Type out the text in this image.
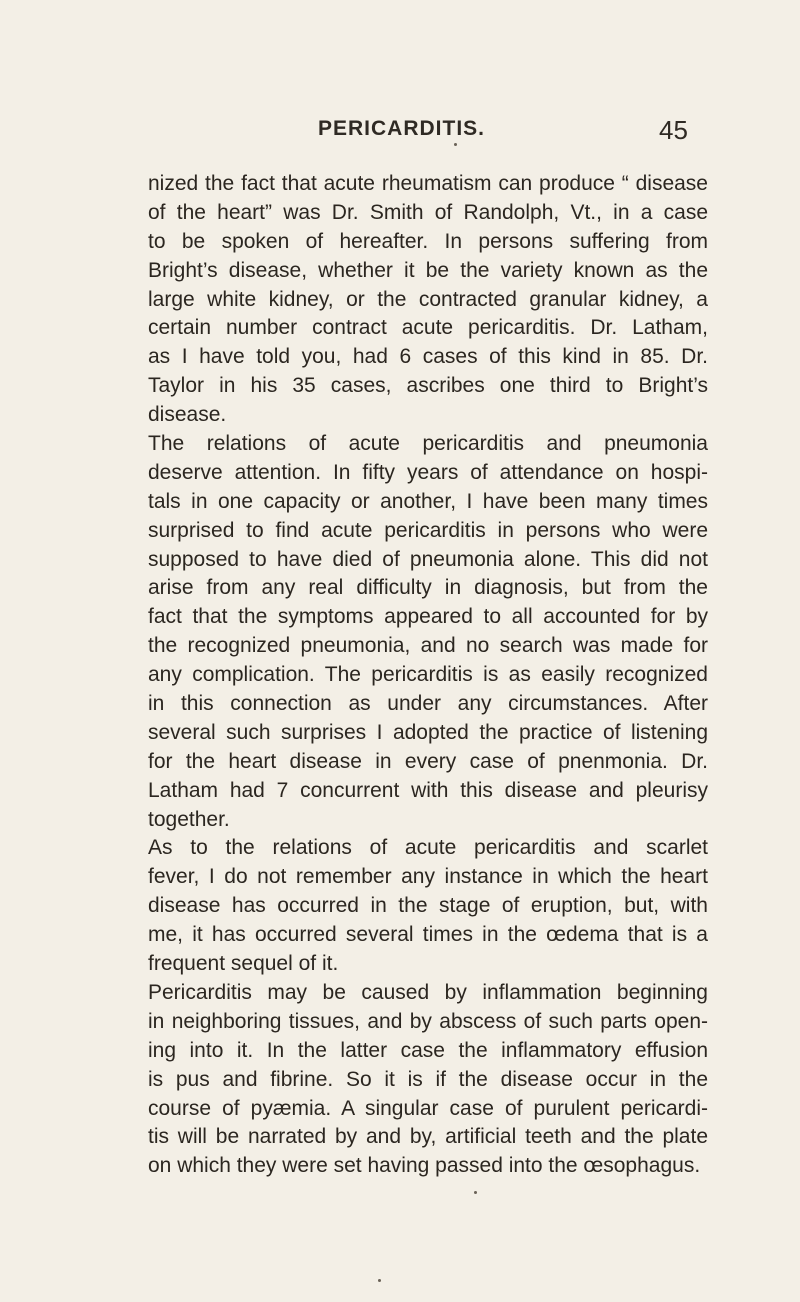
PERICARDITIS.	45
nized the fact that acute rheumatism can produce “ disease
of the heart” was Dr. Smith of Randolph, Vt., in a case
to be spoken of hereafter. In persons suffering from
Bright’s disease, whether it be the variety known as the
large white kidney, or the contracted granular kidney, a
certain number contract acute pericarditis. Dr. Latham,
as I have told you, had 6 cases of this kind in 85. Dr.
Taylor in his 35 cases, ascribes one third to Bright’s
disease.
The relations of acute pericarditis and pneumonia
deserve attention. In fifty years of attendance on hospi-
tals in one capacity or another, I have been many times
surprised to find acute pericarditis in persons who were
supposed to have died of pneumonia alone. This did not
arise from any real difficulty in diagnosis, but from the
fact that the symptoms appeared to all accounted for by
the recognized pneumonia, and no search was made for
any complication. The pericarditis is as easily recognized
in this connection as under any circumstances. After
several such surprises I adopted the practice of listening
for the heart disease in every case of pnenmonia. Dr.
Latham had 7 concurrent with this disease and pleurisy
together.
As to the relations of acute pericarditis and scarlet
fever, I do not remember any instance in which the heart
disease has occurred in the stage of eruption, but, with
me, it has occurred several times in the œdema that is a
frequent sequel of it.
Pericarditis may be caused by inflammation beginning
in neighboring tissues, and by abscess of such parts open-
ing into it. In the latter case the inflammatory effusion
is pus and fibrine. So it is if the disease occur in the
course of pyæmia. A singular case of purulent pericardi-
tis will be narrated by and by, artificial teeth and the plate
on which they were set having passed into the œsophagus.
